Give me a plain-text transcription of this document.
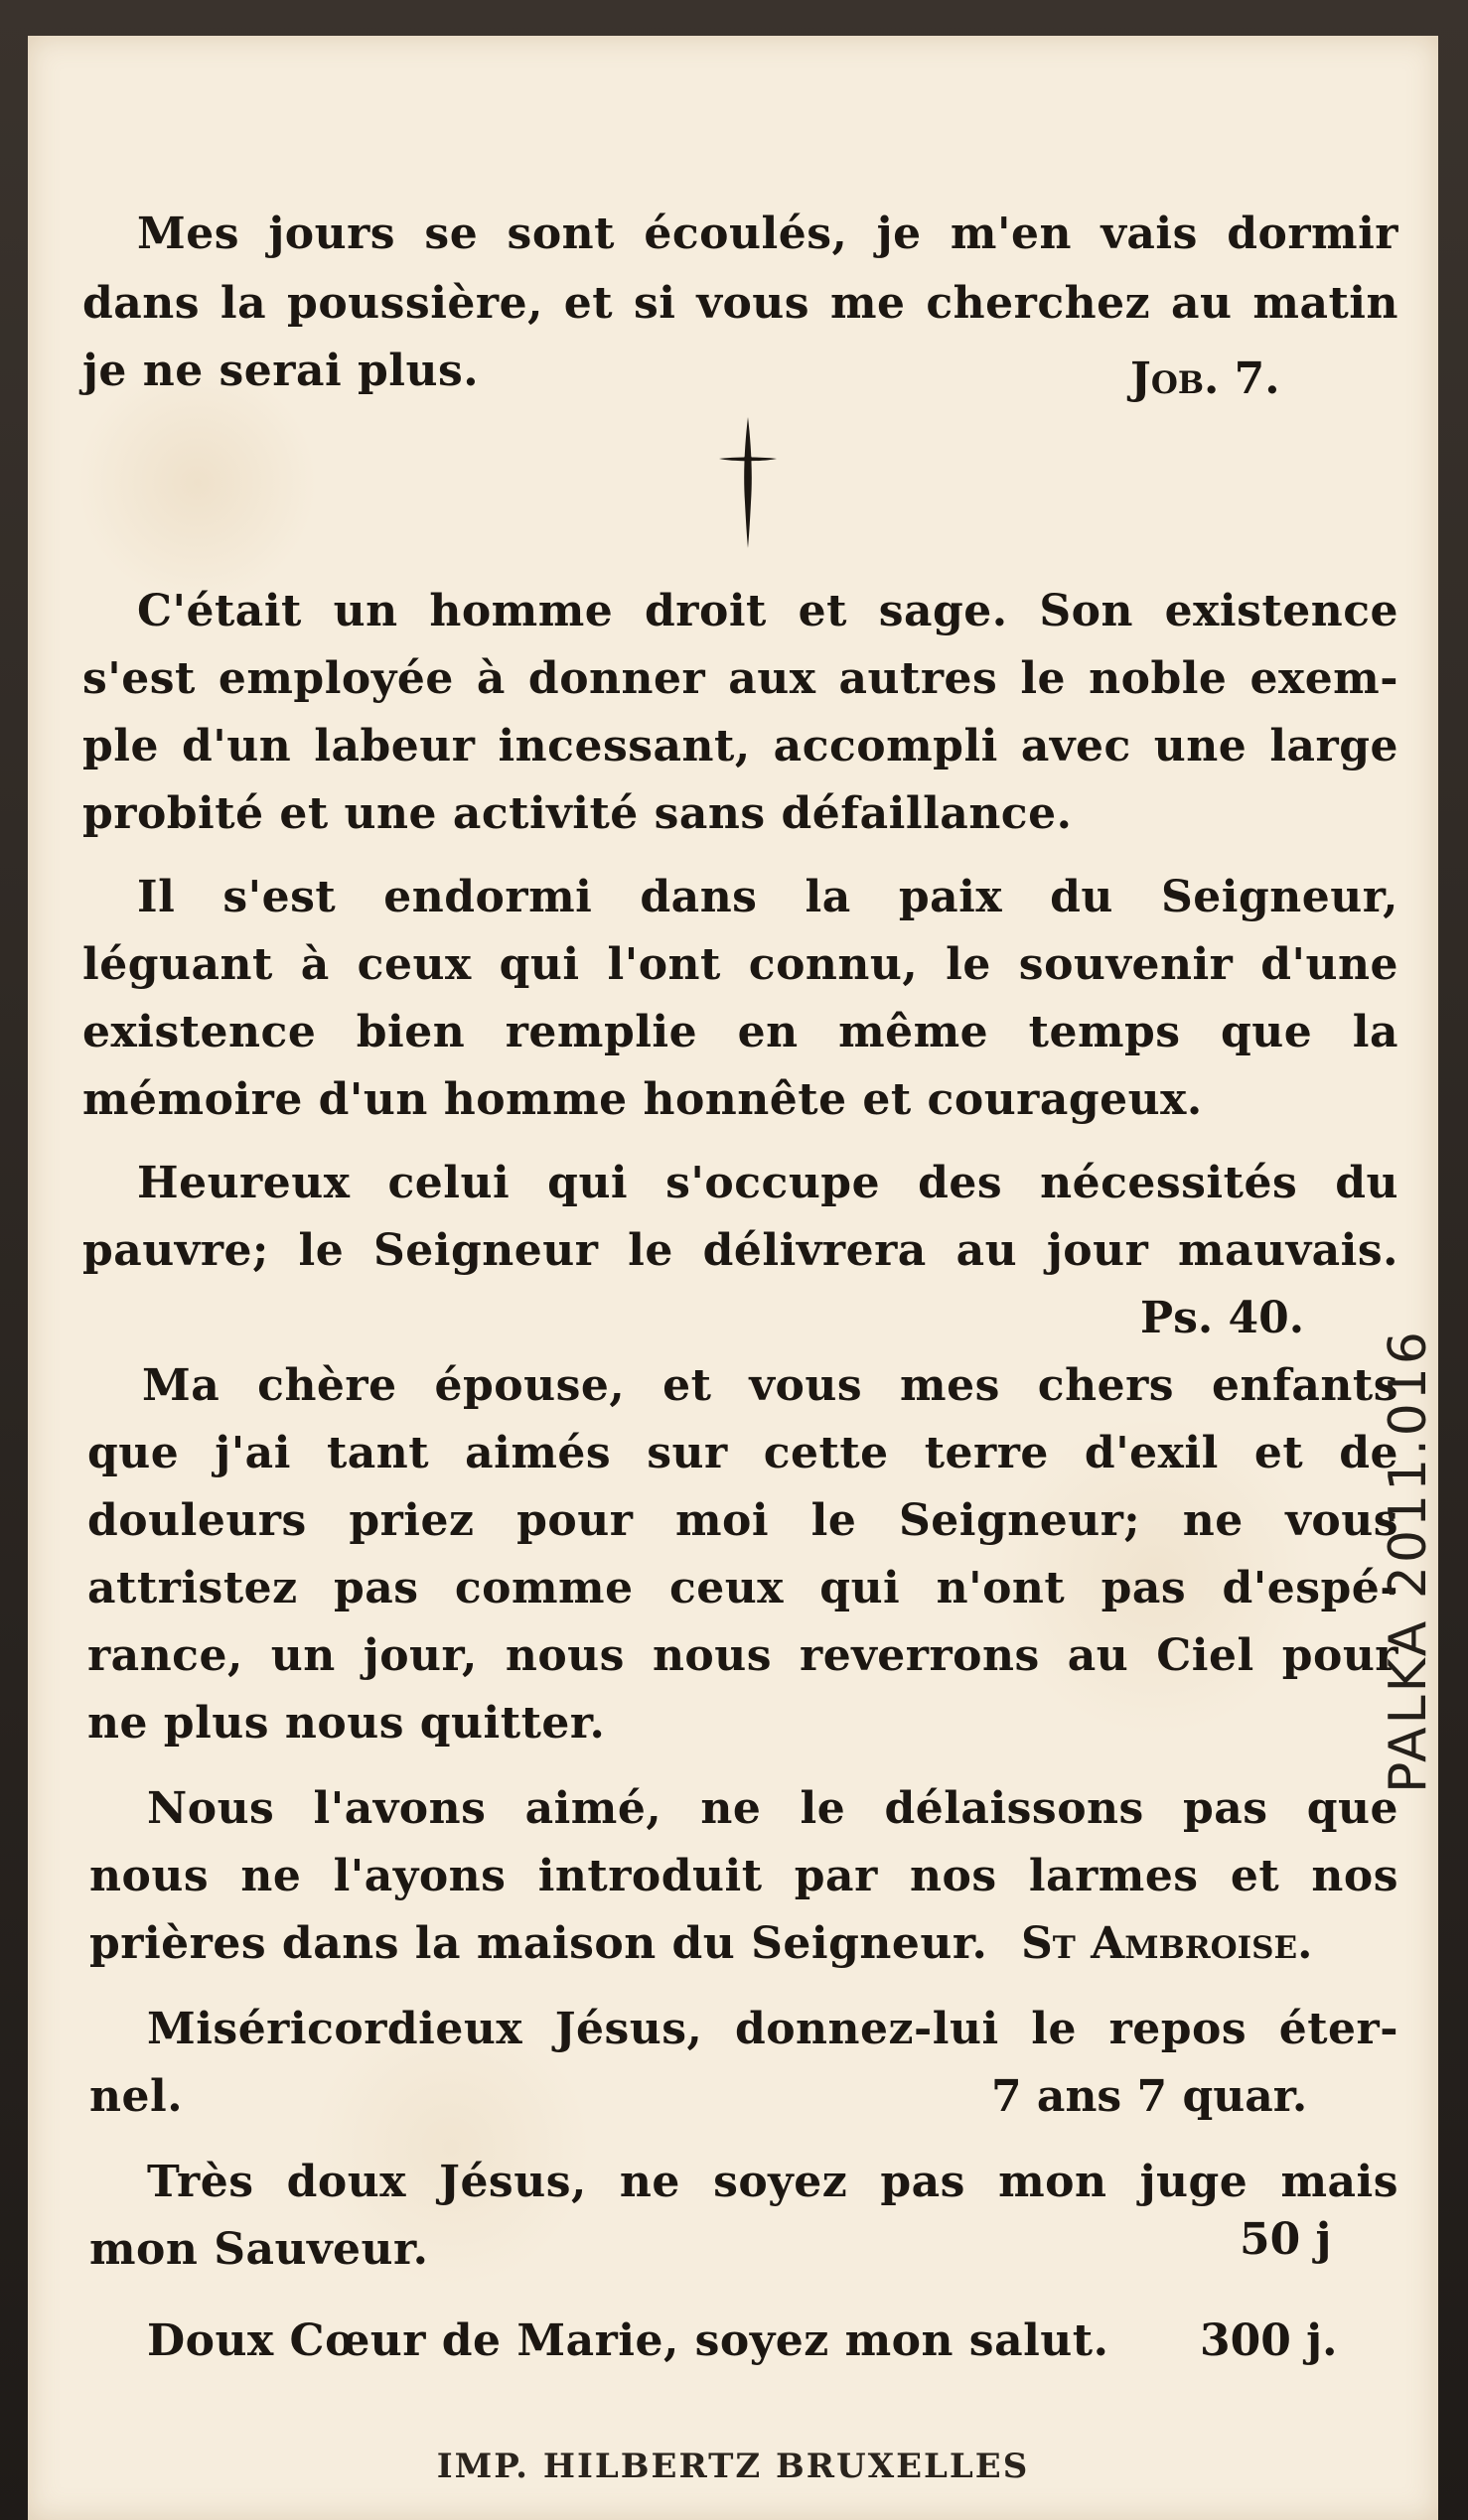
Mes jours se sont écoulés, je m'en vais dormir
dans la poussière, et si vous me cherchez au matin
je ne serai plus.	Job. 7.
C'était un homme droit et sage. Son existence
s'est employée à donner aux autres le noble exem-
ple d'un labeur incessant, accompli avec une large
probité et une activité sans défaillance.
Il s'est endormi dans la paix du Seigneur,
léguant à ceux qui l'ont connu, le souvenir d'une
existence bien remplie en même temps que la
mémoire d'un homme honnête et courageux.
Heureux celui qui s'occupe des nécessités du
pauvre; le Seigneur le délivrera au jour mauvais.
Ps. 40.
Ma chère épouse, et vous mes chers enfants
que j'ai tant aimés sur cette terre d'exil et de
douleurs priez pour moi le Seigneur; ne vous
attristez pas comme ceux qui n'ont pas d'espé-
rance, un jour, nous nous reverrons au Ciel pour
ne plus nous quitter.
Nous l'avons aimé, ne le délaissons pas que
nous ne l'ayons introduit par nos larmes et nos
prières dans la maison du Seigneur. St Ambroise.
Miséricordieux Jésus, donnez-lui le repos éter-
nel.	7 ans 7 quar.
Très doux Jésus, ne soyez pas mon juge mais
mon Sauveur.	50 j
Doux Cœur de Marie, soyez mon salut. 300 j.
IMP. HILBERTZ BRUXELLES
PALKA 2011.016
